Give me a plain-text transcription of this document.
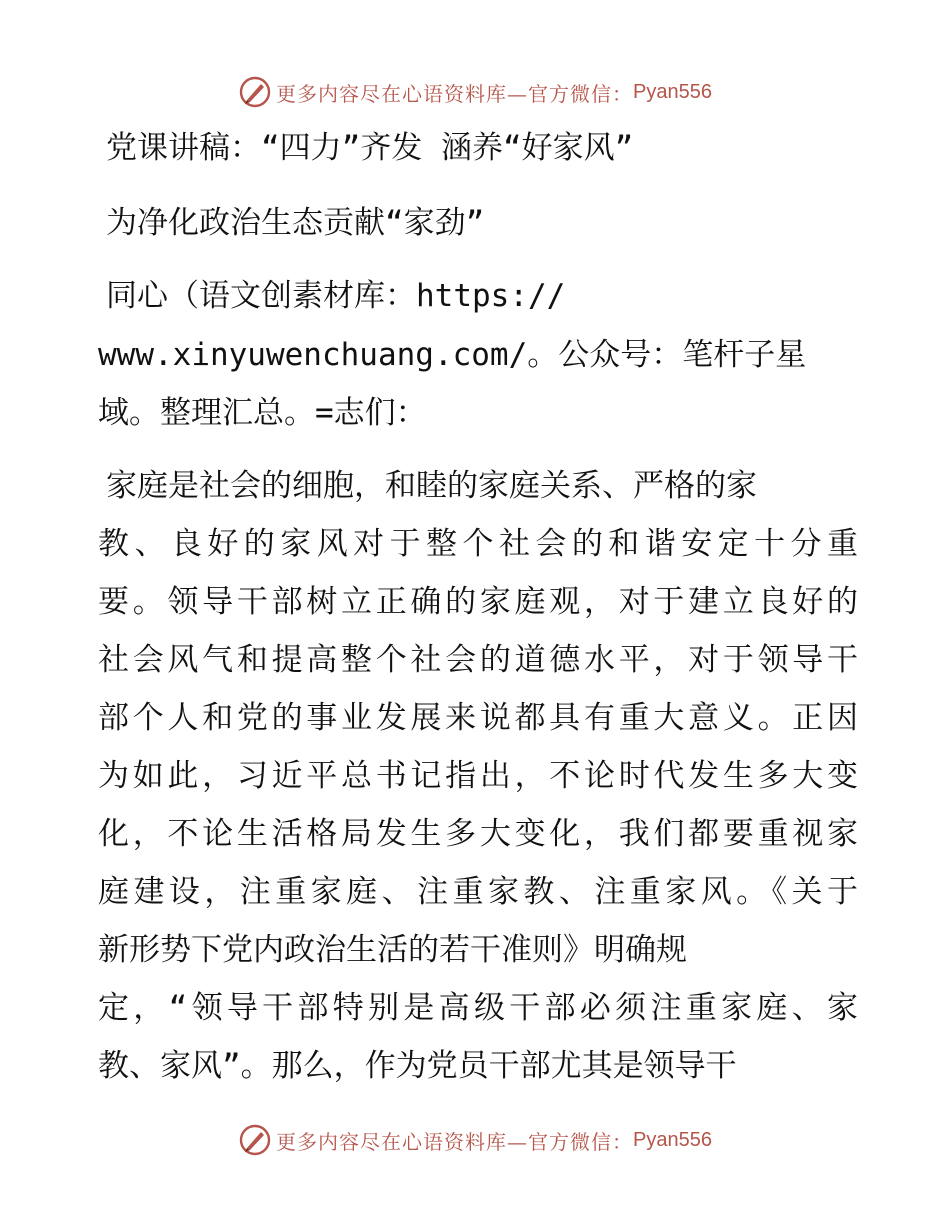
更多内容尽在心语资料库—官方微信： Pyan556
党课讲稿：“四力”齐发 涵养“好家风”
为净化政治生态贡献“家劲”
同心（语文创素材库：https://
www.xinyuwenchuang.com/。公众号：笔杆子星
域。整理汇总。=志们：
家庭是社会的细胞，和睦的家庭关系、严格的家
教、良好的家风对于整个社会的和谐安定十分重
要。领导干部树立正确的家庭观，对于建立良好的
社会风气和提高整个社会的道德水平，对于领导干
部个人和党的事业发展来说都具有重大意义。正因
为如此，习近平总书记指出，不论时代发生多大变
化，不论生活格局发生多大变化，我们都要重视家
庭建设，注重家庭、注重家教、注重家风。《关于
新形势下党内政治生活的若干准则》明确规
定，“领导干部特别是高级干部必须注重家庭、家
教、家风”。那么，作为党员干部尤其是领导干
更多内容尽在心语资料库—官方微信： Pyan556
